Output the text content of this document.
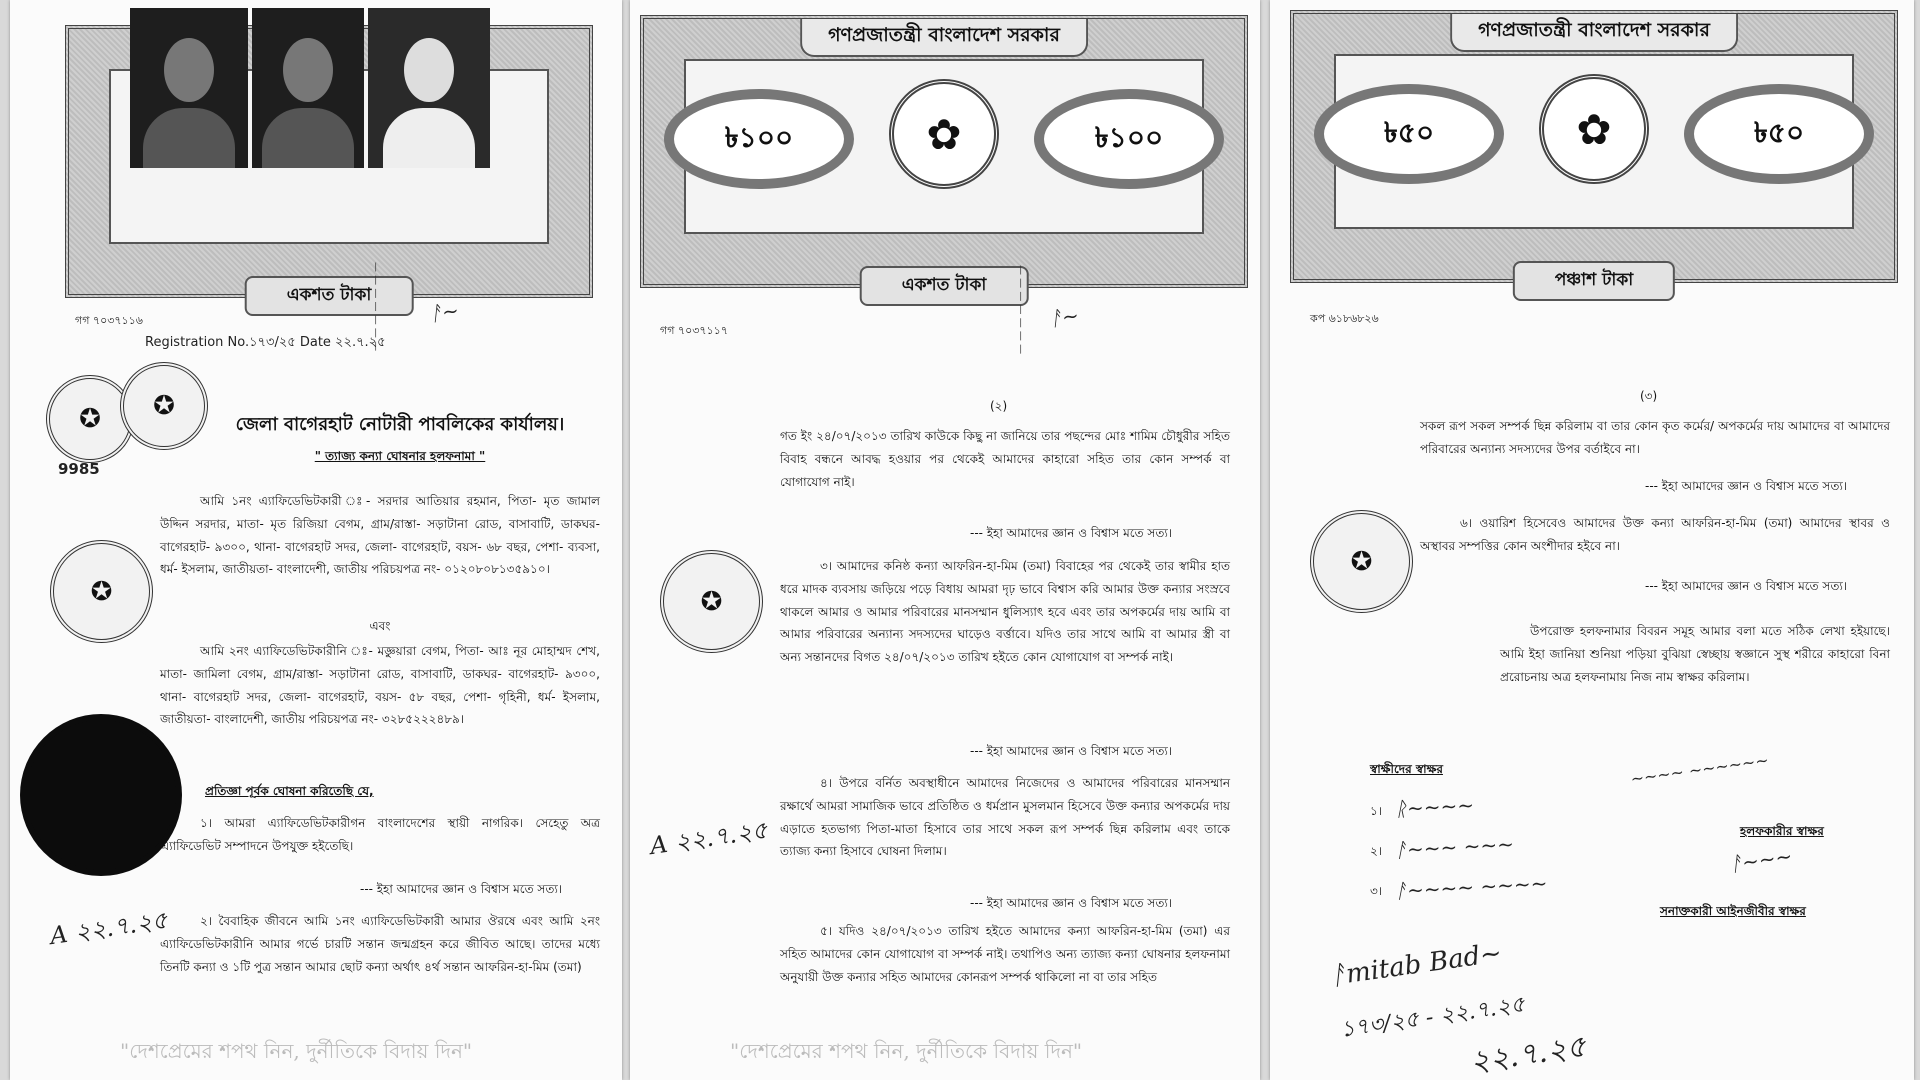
একশত টাকা
— — — — — — — ᚨ~
গগ ৭০৩৭১১৬
Registration No.১৭৩/২৫ Date ২২.৭.২৫
✪	✪
9985
জেলা বাগেরহাট নোটারী পাবলিকের কার্যালয়।
" ত্যাজ্য কন্যা ঘোষনার হলফনামা "
✪
আমি ১নং এ্যাফিডেভিটকারী ঃ- সরদার আতিয়ার রহমান, পিতা- মৃত জামাল উদ্দিন সরদার, মাতা- মৃত রিজিয়া বেগম, গ্রাম/রাস্তা- সড়াটানা রোড, বাসাবাটি, ডাকঘর- বাগেরহাট- ৯৩০০, থানা- বাগেরহাট সদর, জেলা- বাগেরহাট, বয়স- ৬৮ বছর, পেশা- ব্যবসা, ধর্ম- ইসলাম, জাতীয়তা- বাংলাদেশী, জাতীয় পরিচয়পত্র নং- ০১২০৮০৮১৩৫৯১০।
এবং
আমি ২নং এ্যাফিডেভিটকারীনি ঃ- মজ্ঞুয়ারা বেগম, পিতা- আঃ নূর মোহাম্মদ শেখ, মাতা- জামিলা বেগম, গ্রাম/রাস্তা- সড়াটানা রোড, বাসাবাটি, ডাকঘর- বাগেরহাট- ৯৩০০, থানা- বাগেরহাট সদর, জেলা- বাগেরহাট, বয়স- ৫৮ বছর, পেশা- গৃহিনী, ধর্ম- ইসলাম, জাতীয়তা- বাংলাদেশী, জাতীয় পরিচয়পত্র নং- ৩২৮৫২২২৪৮৯।
প্রতিজ্ঞা পূর্বক ঘোষনা করিতেছি যে,
১। আমরা এ্যাফিডেভিটকারীগন বাংলাদেশের স্থায়ী নাগরিক। সেহেতু অত্র এ্যাফিডেভিট সম্পাদনে উপযুক্ত হইতেছি।
--- ইহা আমাদের জ্ঞান ও বিশ্বাস মতে সত্য।
A ২২.৭.২৫	২। বৈবাহিক জীবনে আমি ১নং এ্যাফিডেভিটকারী আমার ঔরষে এবং আমি ২নং এ্যাফিডেভিটকারীনি আমার গর্ভে চারটি সন্তান জন্মগ্রহন করে জীবিত আছে। তাদের মধ্যে তিনটি কন্যা ও ১টি পুত্র সন্তান আমার ছোট কন্যা অর্থাৎ ৪র্থ সন্তান আফরিন-হা-মিম (তমা)
"দেশপ্রেমের শপথ নিন, দুর্নীতিকে বিদায় দিন"
গণপ্রজাতন্ত্রী বাংলাদেশ সরকার
৳১০০	✿	৳১০০
একশত টাকা	— — — — — — — ᚨ~
গগ ৭০৩৭১১৭
(২)
গত ইং ২৪/০৭/২০১৩ তারিখ কাউকে কিছু না জানিয়ে তার পছন্দের মোঃ শামিম চৌধুরীর সহিত বিবাহ বন্ধনে আবদ্ধ হওয়ার পর থেকেই আমাদের কাহারো সহিত তার কোন সম্পর্ক বা যোগাযোগ নাই।
--- ইহা আমাদের জ্ঞান ও বিশ্বাস মতে সত্য।
✪
৩। আমাদের কনিষ্ঠ কন্যা আফরিন-হা-মিম (তমা) বিবাহের পর থেকেই তার স্বামীর হাত ধরে মাদক ব্যবসায় জড়িয়ে পড়ে বিধায় আমরা দৃঢ় ভাবে বিশ্বাস করি আমার উক্ত কন্যার সংস্রবে থাকলে আমার ও আমার পরিবারের মানসম্মান ধুলিস্যাৎ হবে এবং তার অপকর্মের দায় আমি বা আমার পরিবারের অন্যান্য সদস্যদের ঘাড়েও বর্ত্তাবে। যদিও তার সাথে আমি বা আমার স্ত্রী বা অন্য সন্তানদের বিগত ২৪/০৭/২০১৩ তারিখ হইতে কোন যোগাযোগ বা সম্পর্ক নাই।
--- ইহা আমাদের জ্ঞান ও বিশ্বাস মতে সত্য।
A ২২.৭.২৫
৪। উপরে বর্নিত অবস্থাধীনে আমাদের নিজেদের ও আমাদের পরিবারের মানসম্মান রক্ষার্থে আমরা সামাজিক ভাবে প্রতিষ্ঠিত ও ধর্মপ্রান মুসলমান হিসেবে উক্ত কন্যার অপকর্মের দায় এড়াতে হতভাগ্য পিতা-মাতা হিসাবে তার সাথে সকল রূপ সম্পর্ক ছিন্ন করিলাম এবং তাকে ত্যাজ্য কন্যা হিসাবে ঘোষনা দিলাম।
--- ইহা আমাদের জ্ঞান ও বিশ্বাস মতে সত্য।
৫। যদিও ২৪/০৭/২০১৩ তারিখ হইতে আমাদের কন্যা আফরিন-হা-মিম (তমা) এর সহিত আমাদের কোন যোগাযোগ বা সম্পর্ক নাই। তথাপিও অন্য ত্যাজ্য কন্যা ঘোষনার হলফনামা অনুযায়ী উক্ত কন্যার সহিত আমাদের কোনরূপ সম্পর্ক থাকিলো না বা তার সহিত
"দেশপ্রেমের শপথ নিন, দুর্নীতিকে বিদায় দিন"
গণপ্রজাতন্ত্রী বাংলাদেশ সরকার
৳৫০	✿	৳৫০
পঞ্চাশ টাকা
কপ ৬১৮৬৮২৬
(৩)
সকল রূপ সকল সম্পর্ক ছিন্ন করিলাম বা তার কোন কৃত কর্মের/ অপকর্মের দায় আমাদের বা আমাদের পরিবারের অন্যান্য সদস্যদের উপর বর্তাইবে না।
--- ইহা আমাদের জ্ঞান ও বিশ্বাস মতে সত্য।
✪
৬। ওয়ারিশ হিসেবেও আমাদের উক্ত কন্যা আফরিন-হা-মিম (তমা) আমাদের স্থাবর ও অস্থাবর সম্পত্তির কোন অংশীদার হইবে না।
--- ইহা আমাদের জ্ঞান ও বিশ্বাস মতে সত্য।
উপরোক্ত হলফনামার বিবরন সমূহ আমার বলা মতে সঠিক লেখা হইয়াছে। আমি ইহা জানিয়া শুনিয়া পড়িয়া বুঝিয়া স্বেচ্ছায় স্বজ্ঞানে সুস্থ শরীরে কাহারো বিনা প্ররোচনায় অত্র হলফনামায় নিজ নাম স্বাক্ষর করিলাম।
স্বাক্ষীদের স্বাক্ষর
১। ᚱ~~~~
২। ᚨ~~~ ~~~
৩। ᚨ~~~~ ~~~~
~~~~ ~~~~~~
হলফকারীর স্বাক্ষর
ᚨ~~~
সনাক্তকারী আইনজীবীর স্বাক্ষর
ᚨmitab Bad~
১৭৩/২৫ - ২২.৭.২৫
২২.৭.২৫
